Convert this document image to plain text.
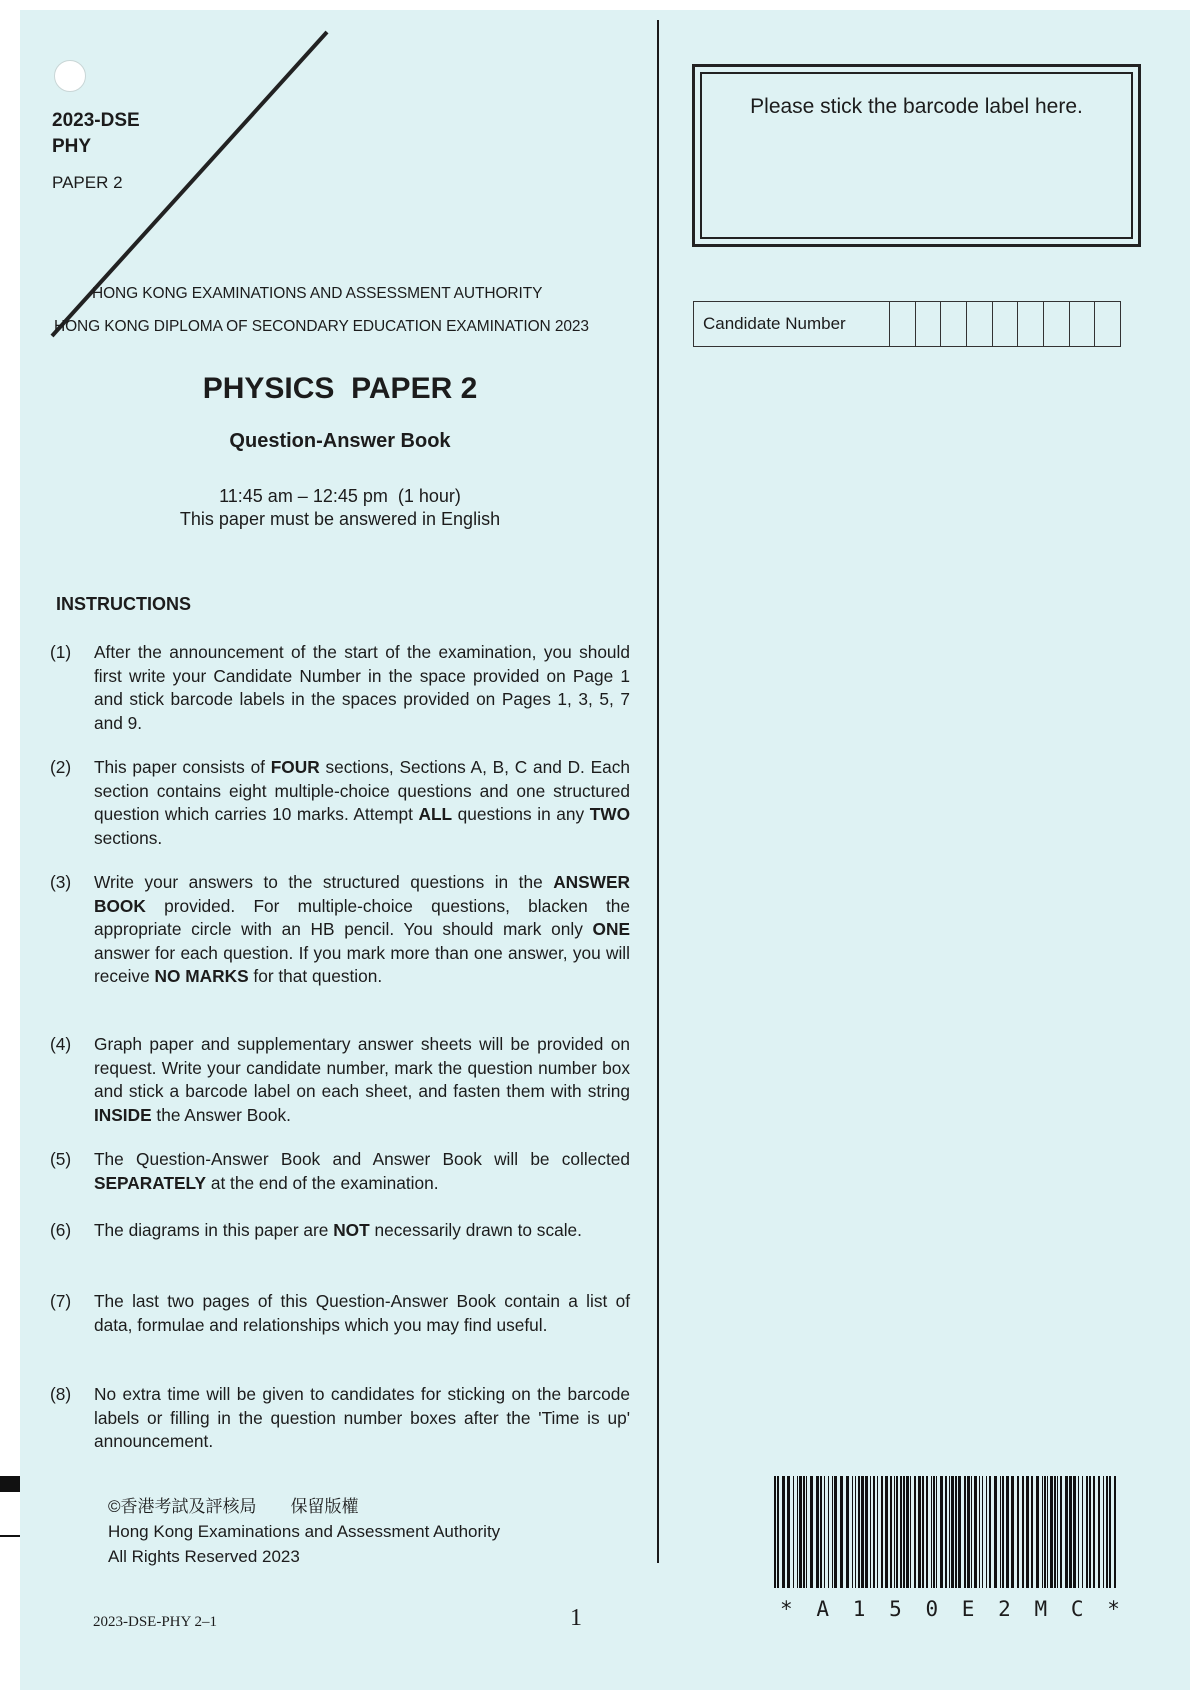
2023-DSE
PHY
PAPER 2
HONG KONG EXAMINATIONS AND ASSESSMENT AUTHORITY
HONG KONG DIPLOMA OF SECONDARY EDUCATION EXAMINATION 2023
PHYSICS  PAPER 2
Question-Answer Book
11:45 am – 12:45 pm  (1 hour)
This paper must be answered in English
INSTRUCTIONS
(1)	After the announcement of the start of the examination, you should first write your Candidate Number in the space provided on Page 1 and stick barcode labels in the spaces provided on Pages 1, 3, 5, 7 and 9.
(2)	This paper consists of FOUR sections, Sections A, B, C and D. Each section contains eight multiple-choice questions and one structured question which carries 10 marks. Attempt ALL questions in any TWO sections.
(3)	Write your answers to the structured questions in the ANSWER BOOK provided. For multiple-choice questions, blacken the appropriate circle with an HB pencil. You should mark only ONE answer for each question. If you mark more than one answer, you will receive NO MARKS for that question.
(4)	Graph paper and supplementary answer sheets will be provided on request. Write your candidate number, mark the question number box and stick a barcode label on each sheet, and fasten them with string INSIDE the Answer Book.
(5)	The Question-Answer Book and Answer Book will be collected SEPARATELY at the end of the examination.
(6)	The diagrams in this paper are NOT necessarily drawn to scale.
(7)	The last two pages of this Question-Answer Book contain a list of data, formulae and relationships which you may find useful.
(8)	No extra time will be given to candidates for sticking on the barcode labels or filling in the question number boxes after the 'Time is up' announcement.
©香港考試及評核局　　保留版權
Hong Kong Examinations and Assessment Authority
All Rights Reserved 2023
2023-DSE-PHY 2–1	1
Please stick the barcode label here.
Candidate Number
* A 1 5 0 E 2 M C *
